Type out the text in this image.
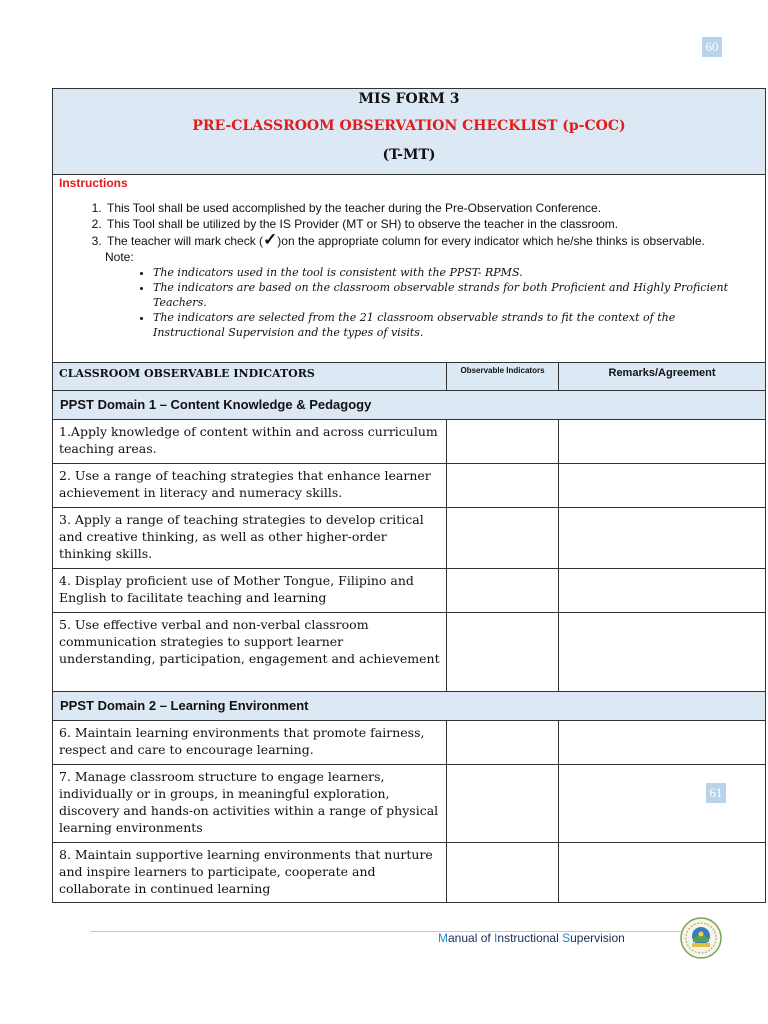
60
MIS FORM 3
PRE-CLASSROOM OBSERVATION CHECKLIST (p-COC)
(T-MT)
Instructions
1. This Tool shall be used accomplished by the teacher during the Pre-Observation Conference.
2. This Tool shall be utilized by the IS Provider (MT or SH) to observe the teacher in the classroom.
3. The teacher will mark check (✓)on the appropriate column for every indicator which he/she thinks is observable.
Note:
• The indicators used in the tool is consistent with the PPST- RPMS.
• The indicators are based on the classroom observable strands for both Proficient and Highly Proficient Teachers.
• The indicators are selected from the 21 classroom observable strands to fit the context of the Instructional Supervision and the types of visits.
CLASSROOM OBSERVABLE INDICATORS	Observable Indicators	Remarks/Agreement
PPST Domain 1 – Content Knowledge & Pedagogy
1.Apply knowledge of content within and across curriculum teaching areas.
2. Use a range of teaching strategies that enhance learner achievement in literacy and numeracy skills.
3. Apply a range of teaching strategies to develop critical and creative thinking, as well as other higher-order thinking skills.
4. Display proficient use of Mother Tongue, Filipino and English to facilitate teaching and learning
5. Use effective verbal and non-verbal classroom communication strategies to support learner understanding, participation, engagement and achievement
PPST Domain 2 – Learning Environment
6. Maintain learning environments that promote fairness, respect and care to encourage learning.
7. Manage classroom structure to engage learners, individually or in groups, in meaningful exploration, discovery and hands-on activities within a range of physical learning environments
8. Maintain supportive learning environments that nurture and inspire learners to participate, cooperate and collaborate in continued learning
61
Manual of Instructional Supervision
